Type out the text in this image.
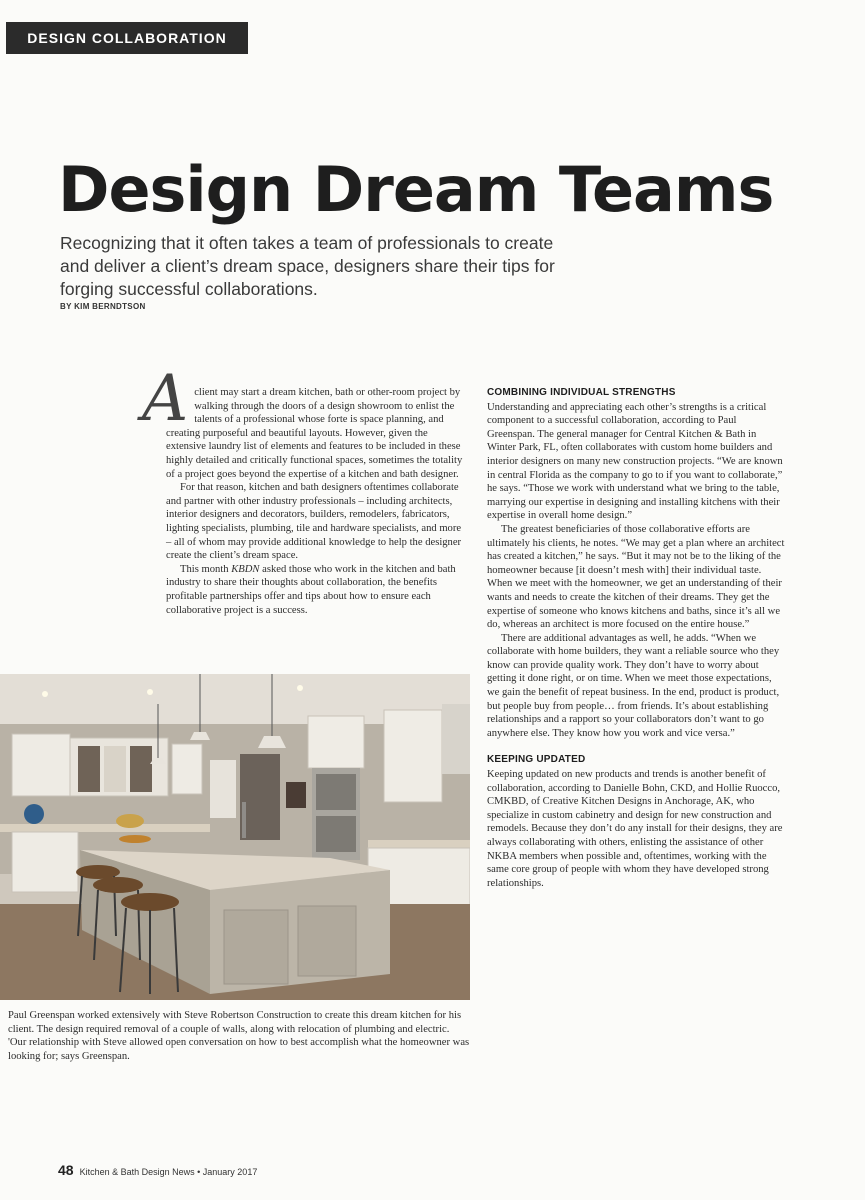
DESIGN COLLABORATION
Design Dream Teams
Recognizing that it often takes a team of professionals to create and deliver a client’s dream space, designers share their tips for forging successful collaborations.
BY KIM BERNDTSON

Aclient may start a dream kitchen, bath or other-room project by walking through the doors of a design showroom to enlist the talents of a professional whose forte is space planning, and creating purposeful and beautiful layouts. However, given the extensive laundry list of elements and features to be included in these highly detailed and critically functional spaces, sometimes the totality of a project goes beyond the expertise of a kitchen and bath designer.

For that reason, kitchen and bath designers oftentimes collaborate and partner with other industry professionals – including architects, interior designers and decorators, builders, remodelers, fabricators, lighting specialists, plumbing, tile and hardware specialists, and more – all of whom may provide additional knowledge to help the designer create the client’s dream space.

This month KBDN asked those who work in the kitchen and bath industry to share their thoughts about collaboration, the benefits profitable partnerships offer and tips about how to ensure each collaborative project is a success.

COMBINING INDIVIDUAL STRENGTHS

Understanding and appreciating each other’s strengths is a critical component to a successful collaboration, according to Paul Greenspan. The general manager for Central Kitchen & Bath in Winter Park, FL, often collaborates with custom home builders and interior designers on many new construction projects. “We are known in central Florida as the company to go to if you want to collaborate,” he says. “Those we work with understand what we bring to the table, marrying our expertise in designing and installing kitchens with their expertise in overall home design.”

The greatest beneficiaries of those collaborative efforts are ultimately his clients, he notes. “We may get a plan where an architect has created a kitchen,” he says. “But it may not be to the liking of the homeowner because [it doesn’t mesh with] their individual taste. When we meet with the homeowner, we get an understanding of their wants and needs to create the kitchen of their dreams. They get the expertise of someone who knows kitchens and baths, since it’s all we do, whereas an architect is more focused on the entire house.”

There are additional advantages as well, he adds. “When we collaborate with home builders, they want a reliable source who they know can provide quality work. They don’t have to worry about getting it done right, or on time. When we meet those expectations, we gain the benefit of repeat business. In the end, product is product, but people buy from people… from friends. It’s about establishing relationships and a rapport so your collaborators don’t want to go anywhere else. They know how you work and vice versa.”

KEEPING UPDATED

Keeping updated on new products and trends is another benefit of collaboration, according to Danielle Bohn, CKD, and Hollie Ruocco, CMKBD, of Creative Kitchen Designs in Anchorage, AK, who specialize in custom cabinetry and design for new construction and remodels. Because they don’t do any install for their designs, they are always collaborating with others, enlisting the assistance of other NKBA members when possible and, oftentimes, working with the same core group of people with whom they have developed strong relationships.

Paul Greenspan worked extensively with Steve Robertson Construction to create this dream kitchen for his client. The design required removal of a couple of walls, along with relocation of plumbing and electric. 'Our relationship with Steve allowed open conversation on how to best accomplish what the homeowner was looking for; says Greenspan.
48 Kitchen & Bath Design News • January 2017
